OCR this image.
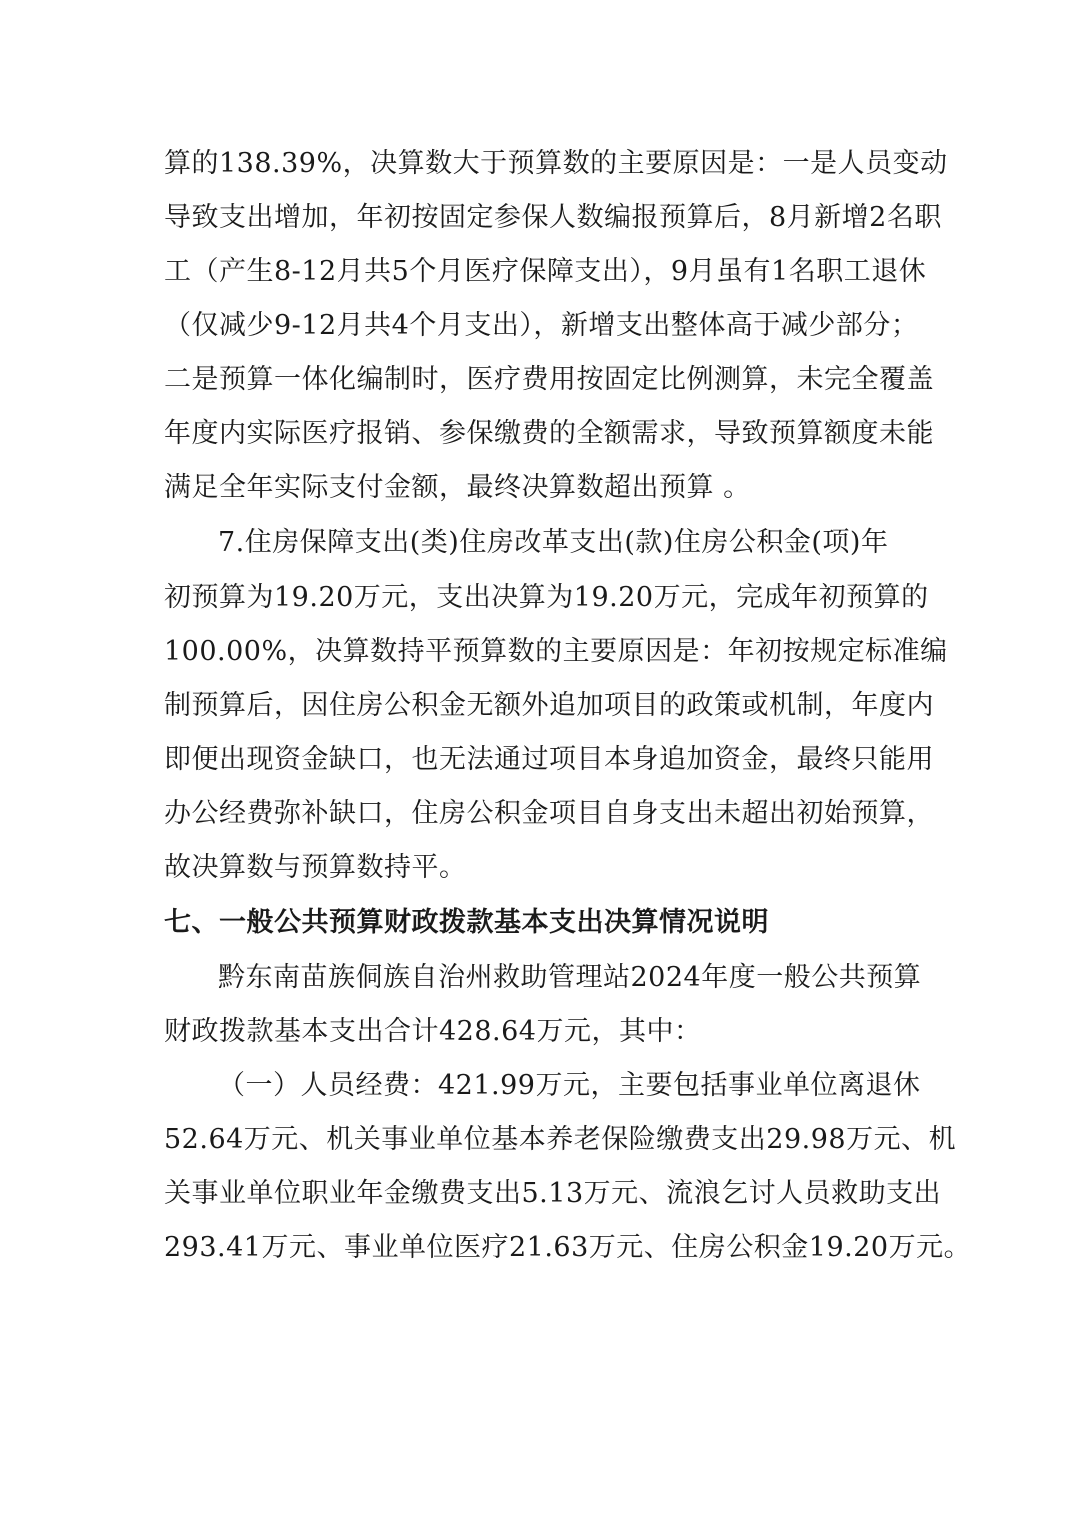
算的138.39%，决算数大于预算数的主要原因是：一是人员变动
导致支出增加，年初按固定参保人数编报预算后，8月新增2名职
工（产生8-12月共5个月医疗保障支出），9月虽有1名职工退休
（仅减少9-12月共4个月支出），新增支出整体高于减少部分；
二是预算一体化编制时，医疗费用按固定比例测算，未完全覆盖
年度内实际医疗报销、参保缴费的全额需求，导致预算额度未能
满足全年实际支付金额，最终决算数超出预算 。
7.住房保障支出(类)住房改革支出(款)住房公积金(项)年
初预算为19.20万元，支出决算为19.20万元，完成年初预算的
100.00%，决算数持平预算数的主要原因是：年初按规定标准编
制预算后，因住房公积金无额外追加项目的政策或机制，年度内
即便出现资金缺口，也无法通过项目本身追加资金，最终只能用
办公经费弥补缺口，住房公积金项目自身支出未超出初始预算，
故决算数与预算数持平。
七、一般公共预算财政拨款基本支出决算情况说明
黔东南苗族侗族自治州救助管理站2024年度一般公共预算
财政拨款基本支出合计428.64万元，其中：
（一）人员经费：421.99万元，主要包括事业单位离退休
52.64万元、机关事业单位基本养老保险缴费支出29.98万元、机
关事业单位职业年金缴费支出5.13万元、流浪乞讨人员救助支出
293.41万元、事业单位医疗21.63万元、住房公积金19.20万元。
